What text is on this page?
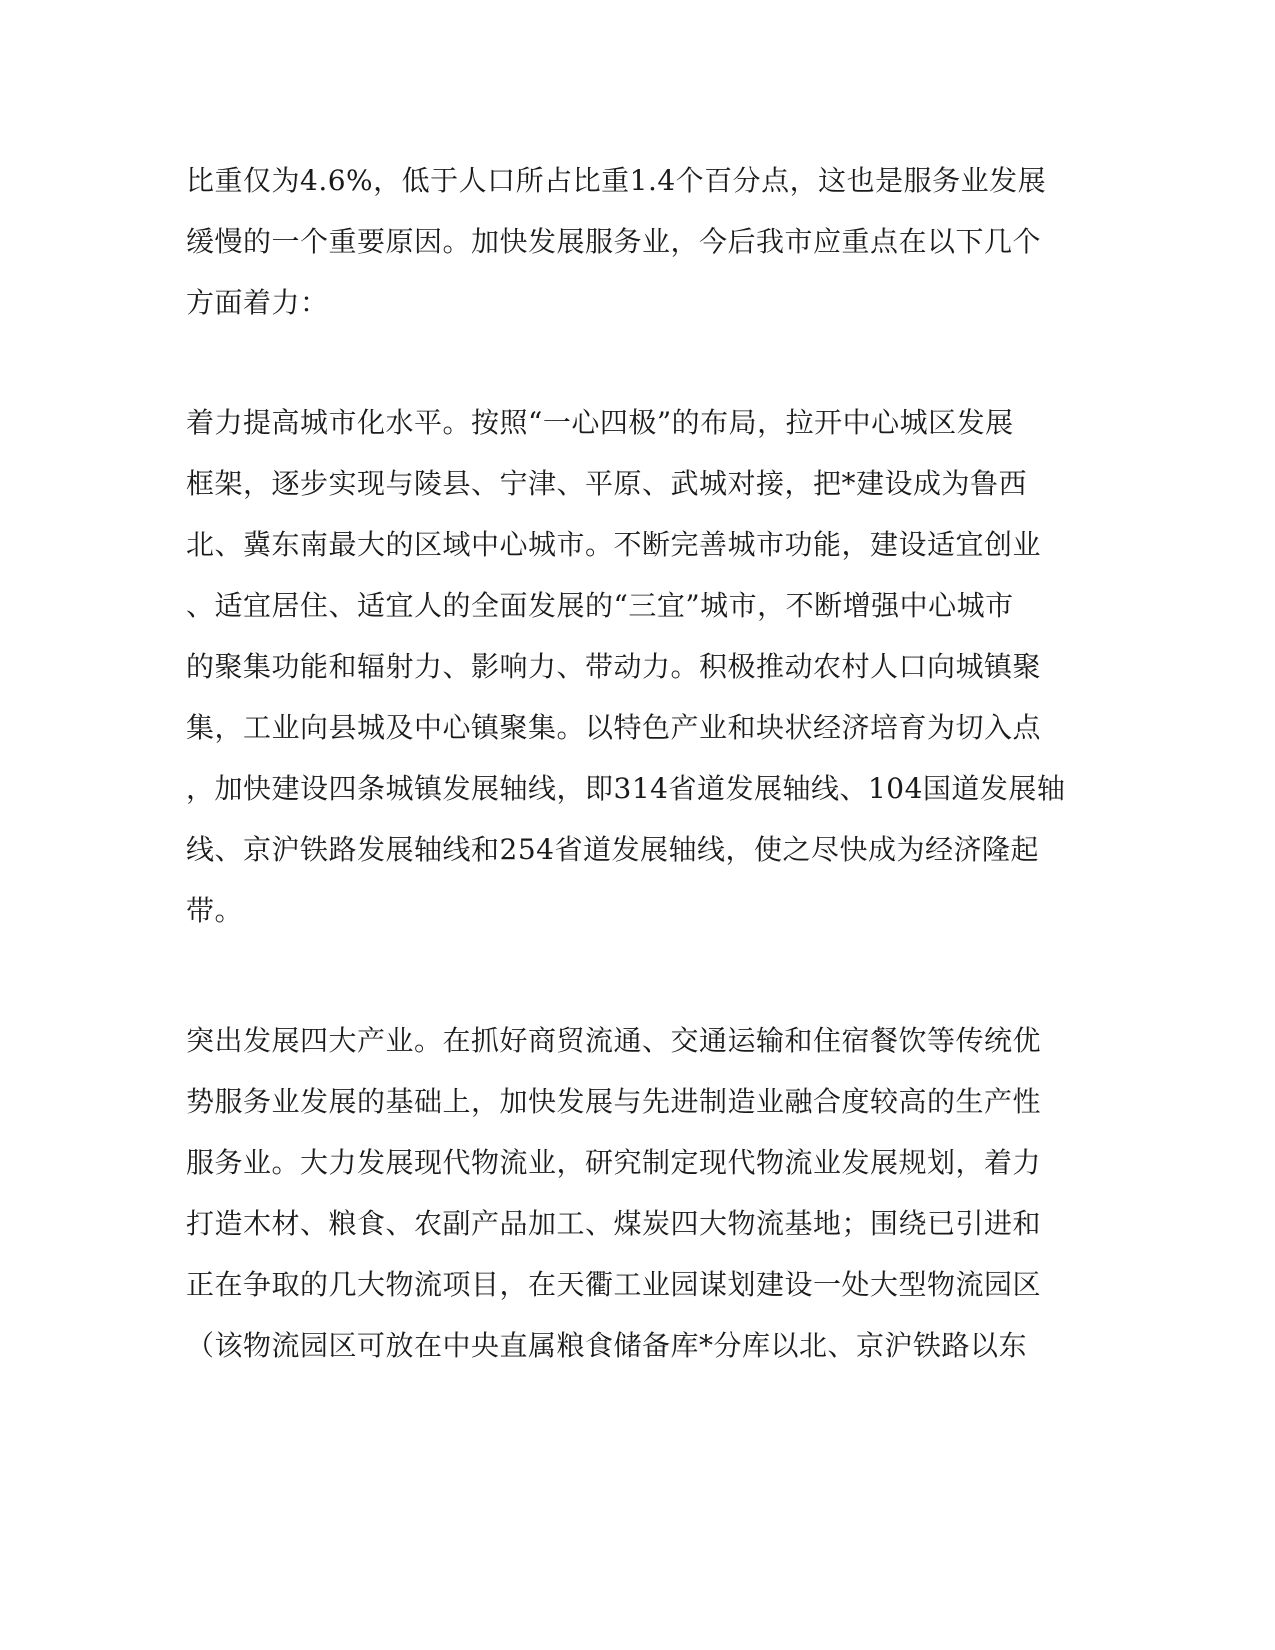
比重仅为4.6%，低于人口所占比重1.4个百分点，这也是服务业发展
缓慢的一个重要原因。加快发展服务业，今后我市应重点在以下几个
方面着力：
着力提高城市化水平。按照“一心四极”的布局，拉开中心城区发展
框架，逐步实现与陵县、宁津、平原、武城对接，把*建设成为鲁西
北、冀东南最大的区域中心城市。不断完善城市功能，建设适宜创业
、适宜居住、适宜人的全面发展的“三宜”城市，不断增强中心城市
的聚集功能和辐射力、影响力、带动力。积极推动农村人口向城镇聚
集，工业向县城及中心镇聚集。以特色产业和块状经济培育为切入点
，加快建设四条城镇发展轴线，即314省道发展轴线、104国道发展轴
线、京沪铁路发展轴线和254省道发展轴线，使之尽快成为经济隆起
带。
突出发展四大产业。在抓好商贸流通、交通运输和住宿餐饮等传统优
势服务业发展的基础上，加快发展与先进制造业融合度较高的生产性
服务业。大力发展现代物流业，研究制定现代物流业发展规划，着力
打造木材、粮食、农副产品加工、煤炭四大物流基地；围绕已引进和
正在争取的几大物流项目，在天衢工业园谋划建设一处大型物流园区
（该物流园区可放在中央直属粮食储备库*分库以北、京沪铁路以东
